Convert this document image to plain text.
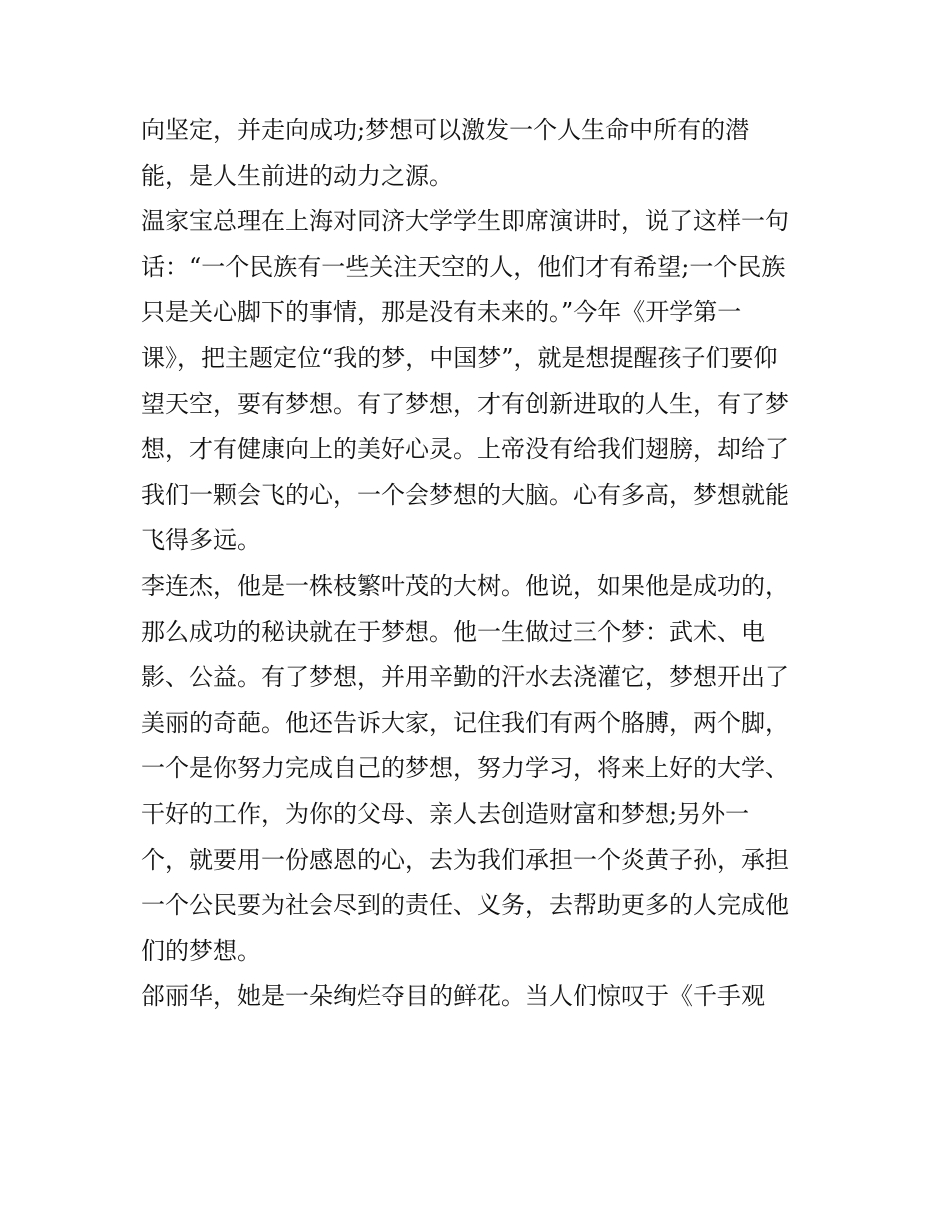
向坚定，并走向成功;梦想可以激发一个人生命中所有的潜
能，是人生前进的动力之源。
温家宝总理在上海对同济大学学生即席演讲时，说了这样一句
话：“一个民族有一些关注天空的人，他们才有希望;一个民族
只是关心脚下的事情，那是没有未来的。”今年《开学第一
课》，把主题定位“我的梦，中国梦”，就是想提醒孩子们要仰
望天空，要有梦想。有了梦想，才有创新进取的人生，有了梦
想，才有健康向上的美好心灵。上帝没有给我们翅膀，却给了
我们一颗会飞的心，一个会梦想的大脑。心有多高，梦想就能
飞得多远。
李连杰，他是一株枝繁叶茂的大树。他说，如果他是成功的，
那么成功的秘诀就在于梦想。他一生做过三个梦：武术、电
影、公益。有了梦想，并用辛勤的汗水去浇灌它，梦想开出了
美丽的奇葩。他还告诉大家，记住我们有两个胳膊，两个脚，
一个是你努力完成自己的梦想，努力学习，将来上好的大学、
干好的工作，为你的父母、亲人去创造财富和梦想;另外一
个，就要用一份感恩的心，去为我们承担一个炎黄子孙，承担
一个公民要为社会尽到的责任、义务，去帮助更多的人完成他
们的梦想。
郃丽华，她是一朵绚烂夺目的鲜花。当人们惊叹于《千手观
